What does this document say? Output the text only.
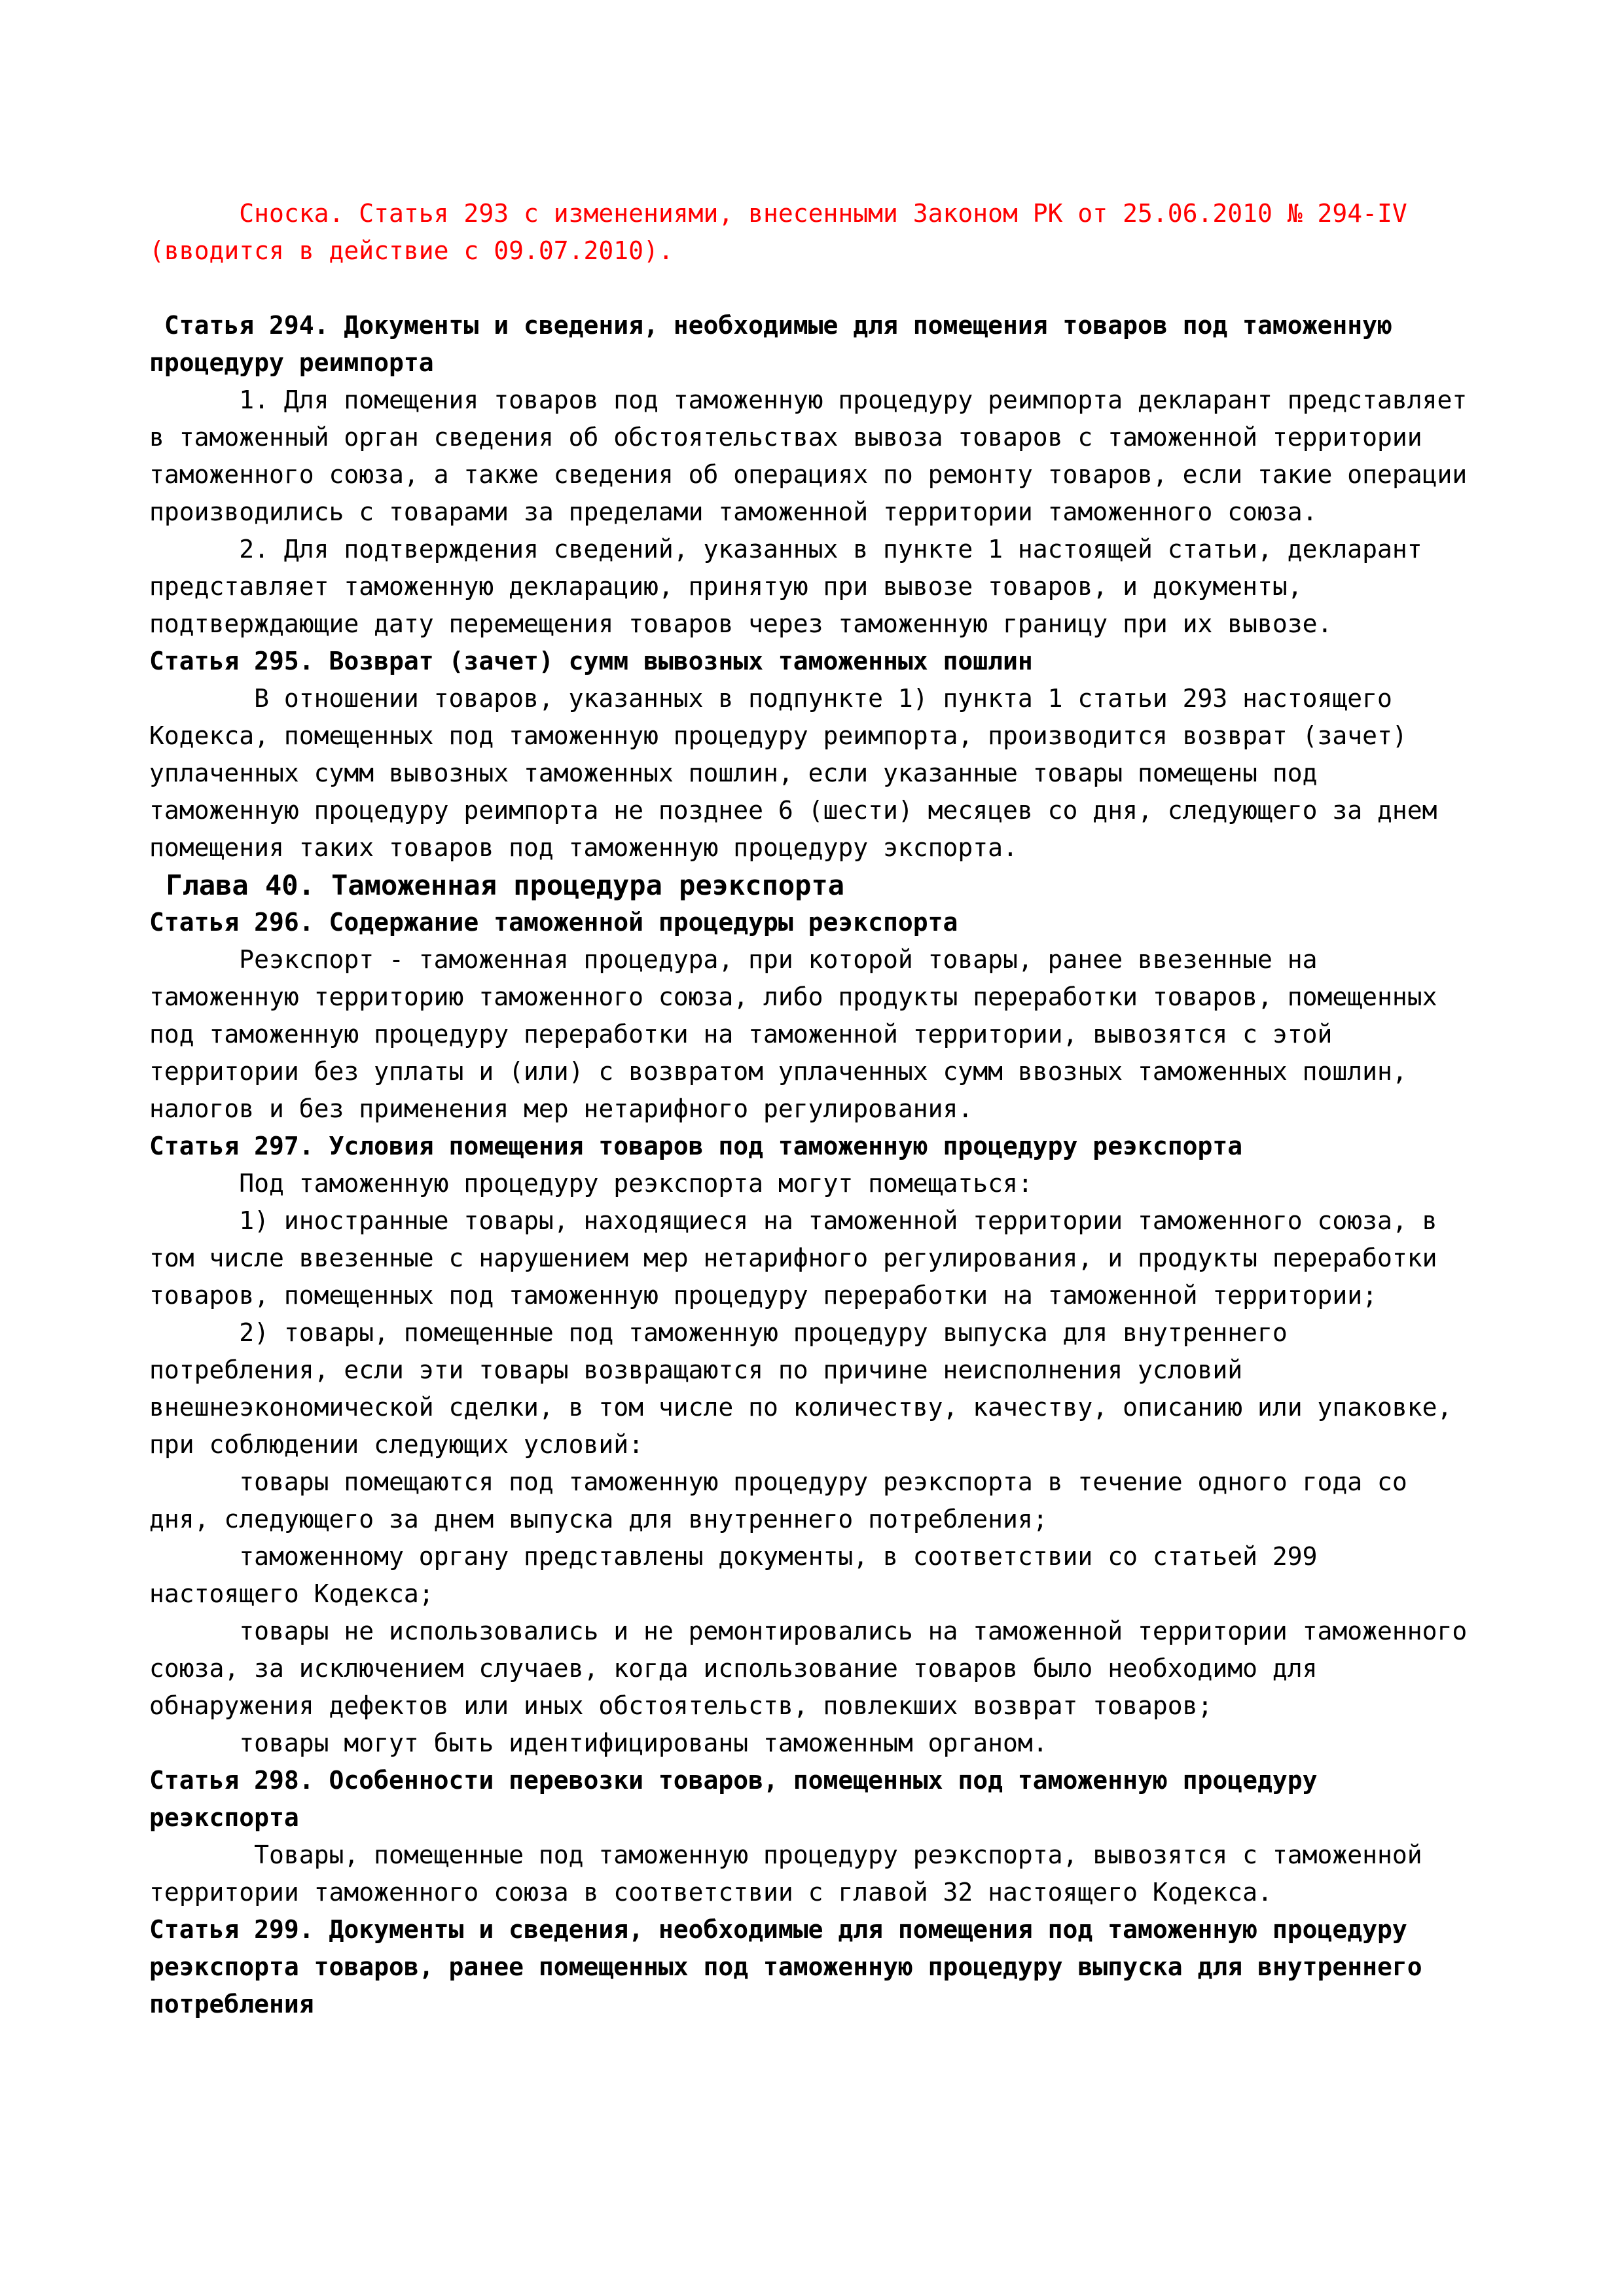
Сноска. Статья 293 с изменениями, внесенными Законом РК от 25.06.2010 № 294-IV
(вводится в действие с 09.07.2010).
Статья 294. Документы и сведения, необходимые для помещения товаров под таможенную
процедуру реимпорта
1. Для помещения товаров под таможенную процедуру реимпорта декларант представляет
в таможенный орган сведения об обстоятельствах вывоза товаров с таможенной территории
таможенного союза, а также сведения об операциях по ремонту товаров, если такие операции
производились с товарами за пределами таможенной территории таможенного союза.
2. Для подтверждения сведений, указанных в пункте 1 настоящей статьи, декларант
представляет таможенную декларацию, принятую при вывозе товаров, и документы,
подтверждающие дату перемещения товаров через таможенную границу при их вывозе.
Статья 295. Возврат (зачет) сумм вывозных таможенных пошлин
В отношении товаров, указанных в подпункте 1) пункта 1 статьи 293 настоящего
Кодекса, помещенных под таможенную процедуру реимпорта, производится возврат (зачет)
уплаченных сумм вывозных таможенных пошлин, если указанные товары помещены под
таможенную процедуру реимпорта не позднее 6 (шести) месяцев со дня, следующего за днем
помещения таких товаров под таможенную процедуру экспорта.
Глава 40. Таможенная процедура реэкспорта
Статья 296. Содержание таможенной процедуры реэкспорта
Реэкспорт - таможенная процедура, при которой товары, ранее ввезенные на
таможенную территорию таможенного союза, либо продукты переработки товаров, помещенных
под таможенную процедуру переработки на таможенной территории, вывозятся с этой
территории без уплаты и (или) с возвратом уплаченных сумм ввозных таможенных пошлин,
налогов и без применения мер нетарифного регулирования.
Статья 297. Условия помещения товаров под таможенную процедуру реэкспорта
Под таможенную процедуру реэкспорта могут помещаться:
1) иностранные товары, находящиеся на таможенной территории таможенного союза, в
том числе ввезенные с нарушением мер нетарифного регулирования, и продукты переработки
товаров, помещенных под таможенную процедуру переработки на таможенной территории;
2) товары, помещенные под таможенную процедуру выпуска для внутреннего
потребления, если эти товары возвращаются по причине неисполнения условий
внешнеэкономической сделки, в том числе по количеству, качеству, описанию или упаковке,
при соблюдении следующих условий:
товары помещаются под таможенную процедуру реэкспорта в течение одного года со
дня, следующего за днем выпуска для внутреннего потребления;
таможенному органу представлены документы, в соответствии со статьей 299
настоящего Кодекса;
товары не использовались и не ремонтировались на таможенной территории таможенного
союза, за исключением случаев, когда использование товаров было необходимо для
обнаружения дефектов или иных обстоятельств, повлекших возврат товаров;
товары могут быть идентифицированы таможенным органом.
Статья 298. Особенности перевозки товаров, помещенных под таможенную процедуру
реэкспорта
Товары, помещенные под таможенную процедуру реэкспорта, вывозятся с таможенной
территории таможенного союза в соответствии с главой 32 настоящего Кодекса.
Статья 299. Документы и сведения, необходимые для помещения под таможенную процедуру
реэкспорта товаров, ранее помещенных под таможенную процедуру выпуска для внутреннего
потребления
